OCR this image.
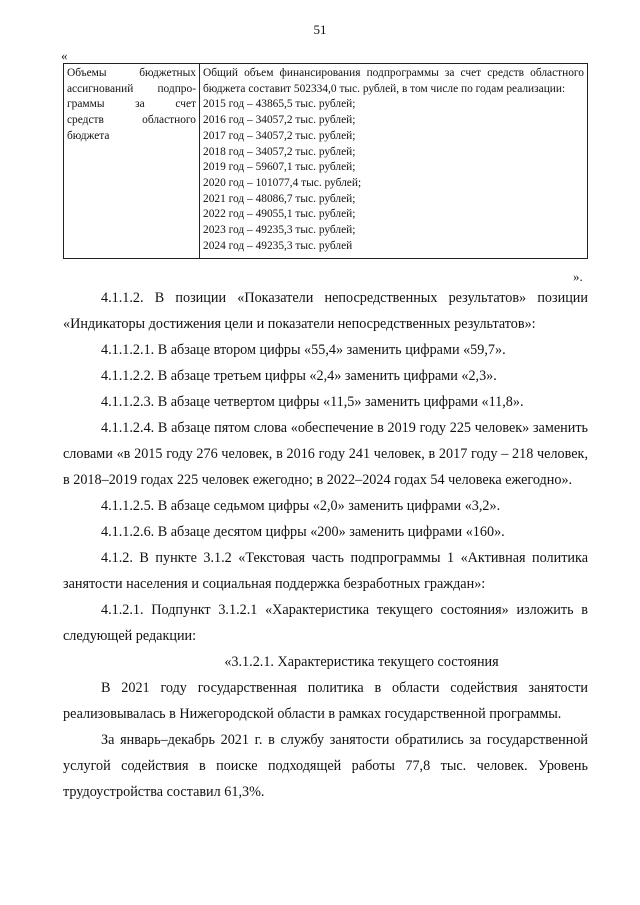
51
«
Объемы бюджетных
ассигнований подпро-
граммы за счет
средств областного
бюджета

Общий объем финансирования подпрограммы за счет средств областного бюджета составит 502334,0 тыс. рублей, в том числе по годам реализации:
2015 год – 43865,5 тыс. рублей;
2016 год – 34057,2 тыс. рублей;
2017 год – 34057,2 тыс. рублей;
2018 год – 34057,2 тыс. рублей;
2019 год – 59607,1 тыс. рублей;
2020 год – 101077,4 тыс. рублей;
2021 год – 48086,7 тыс. рублей;
2022 год – 49055,1 тыс. рублей;
2023 год – 49235,3 тыс. рублей;
2024 год – 49235,3 тыс. рублей
».

4.1.1.2. В позиции «Показатели непосредственных результатов» позиции «Индикаторы достижения цели и показатели непосредственных результатов»:

4.1.1.2.1. В абзаце втором цифры «55,4» заменить цифрами «59,7».

4.1.1.2.2. В абзаце третьем цифры «2,4» заменить цифрами «2,3».

4.1.1.2.3. В абзаце четвертом цифры «11,5» заменить цифрами «11,8».

4.1.1.2.4. В абзаце пятом слова «обеспечение в 2019 году 225 человек» заменить словами «в 2015 году 276 человек, в 2016 году 241 человек, в 2017 году – 218 человек, в 2018–2019 годах 225 человек ежегодно; в 2022–2024 годах 54 человека ежегодно».

4.1.1.2.5. В абзаце седьмом цифры «2,0» заменить цифрами «3,2».

4.1.1.2.6. В абзаце десятом цифры «200» заменить цифрами «160».

4.1.2. В пункте 3.1.2 «Текстовая часть подпрограммы 1 «Активная политика занятости населения и социальная поддержка безработных граждан»:

4.1.2.1. Подпункт 3.1.2.1 «Характеристика текущего состояния» изложить в следующей редакции:

«3.1.2.1. Характеристика текущего состояния

В 2021 году государственная политика в области содействия занятости реализовывалась в Нижегородской области в рамках государственной программы.

За январь–декабрь 2021 г. в службу занятости обратились за государственной услугой содействия в поиске подходящей работы 77,8 тыс. человек. Уровень трудоустройства составил 61,3%.
